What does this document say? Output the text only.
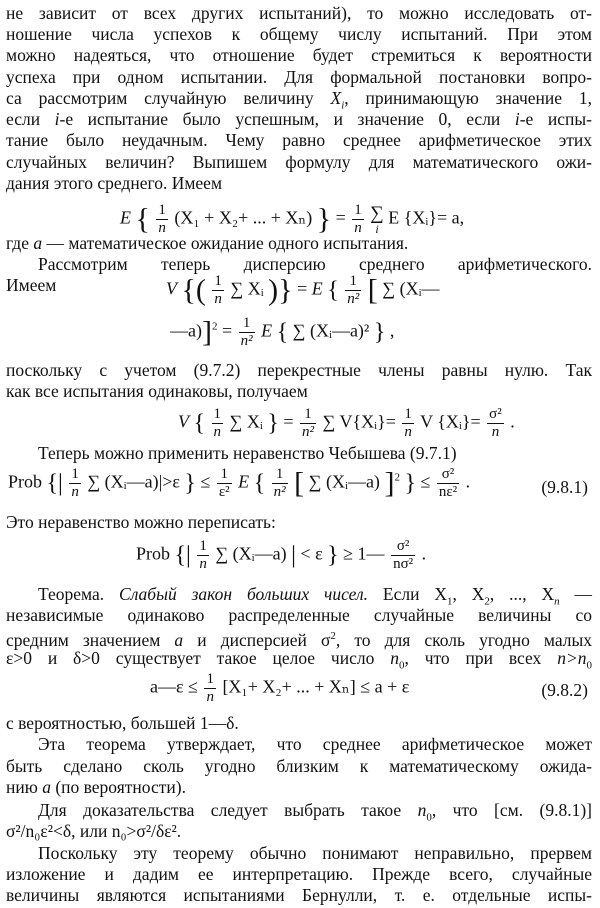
не зависит от всех других испытаний), то можно исследовать от-
ношение числа успехов к общему числу испытаний. При этом
можно надеяться, что отношение будет стремиться к вероятности
успеха при одном испытании. Для формальной постановки вопро-
са рассмотрим случайную величину $X_i$, принимающую значение 1,
если i-е испытание было успешным, и значение 0, если i-е испы-
тание было неудачным. Чему равно среднее арифметическое этих
случайных величин? Выпишем формулу для математического ожи-
дания этого среднего. Имеем
E { $\frac{1}{n} (X_1 + X_2+$ ... + Xₙ) } = $\frac{1}{n}$ ∑
i
E {Xᵢ}= a,
где a — математическое ожидание одного испытания.
Рассмотрим теперь дисперсию среднего арифметического.
Имеем	V {( $\frac{1}{n}$ ∑ Xᵢ )} = E { $\frac{1}{\text{n²}}$ [ ∑ (Xᵢ—
—a)]$^2$ = $\frac{1}{\text{n²}}$ E { ∑ (Xᵢ—a)² } ,
поскольку с учетом (9.7.2) перекрестные члены равны нулю. Так
как все испытания одинаковы, получаем
V { $\frac{1}{n}$ ∑ Xᵢ } = $\frac{1}{\text{n²}}$ ∑ V{Xᵢ}= $\frac{1}{n}$ V {Xᵢ}= $\frac{\text{σ²}}{n}$ .
Теперь можно применить неравенство Чебышева (9.7.1)
Prob {| $\frac{1}{n}$ ∑ (Xᵢ—a)|>ε } ≤ $\frac{1}{\text{ε²}}$ E { $\frac{1}{\text{n²}}$ [ ∑ (Xᵢ—a) ]$^2$ } ≤ $\frac{\text{σ²}}{\text{nε²}}$ .	(9.8.1)
Это неравенство можно переписать:
Prob {| $\frac{1}{n}$ ∑ (Xᵢ—a) | < ε } ≥ 1— $\frac{\text{σ²}}{\text{nσ²}}$ .
Теорема. Слабый закон больших чисел. Если $X_1$, $X_2$, ..., $X_n$ —
независимые одинаково распределенные случайные величины со
средним значением a и дисперсией $\sigma^2$, то для сколь угодно малых
ε>0 и δ>0 существует такое целое число $n_0$, что при всех $n>n_0$
a—ε ≤ $\frac{1}{n} [X_1+ X_2+$ ... + Xₙ] ≤ a + ε	(9.8.2)
с вероятностью, большей 1—δ.
Эта теорема утверждает, что среднее арифметическое может
быть сделано сколь угодно близким к математическому ожида-
нию a (по вероятности).
Для доказательства следует выбрать такое $n_0$, что [см. (9.8.1)]
σ²/n₀ε²<δ, или n₀>σ²/δε².
Поскольку эту теорему обычно понимают неправильно, прервем
изложение и дадим ее интерпретацию. Прежде всего, случайные
величины являются испытаниями Бернулли, т. е. отдельные испы-
